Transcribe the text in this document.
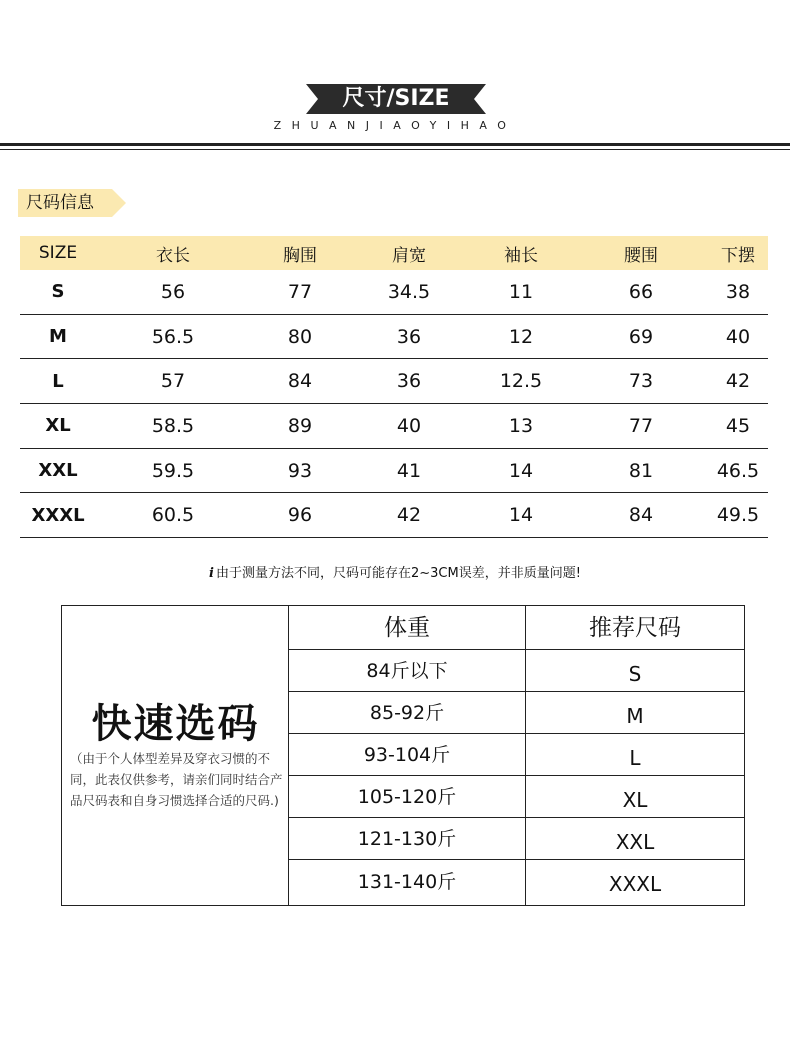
尺寸/SIZE
ZHUANJIAOYIHAO
尺码信息
SIZE	衣长	胸围	肩宽	袖长	腰围	下摆
S	56	77	34.5	11	66	38
M	56.5	80	36	12	69	40
L	57	84	36	12.5	73	42
XL	58.5	89	40	13	77	45
XXL	59.5	93	41	14	81	46.5
XXXL	60.5	96	42	14	84	49.5
i 由于测量方法不同，尺码可能存在2~3CM误差，并非质量问题!
快速选码
（由于个人体型差异及穿衣习惯的不同，此表仅供参考，请亲们同时结合产品尺码表和自身习惯选择合适的尺码.)
体重	推荐尺码
84斤以下	S
85-92斤	M
93-104斤	L
105-120斤	XL
121-130斤	XXL
131-140斤	XXXL
